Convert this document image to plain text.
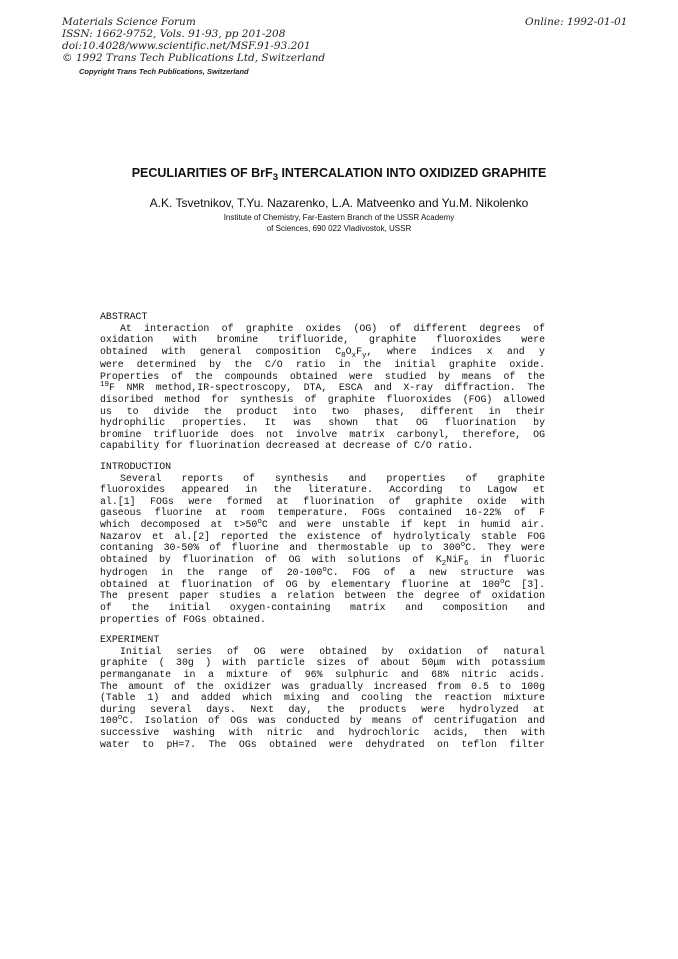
Materials Science Forum
ISSN: 1662-9752, Vols. 91-93, pp 201-208
doi:10.4028/www.scientific.net/MSF.91-93.201
© 1992 Trans Tech Publications Ltd, Switzerland
Online: 1992-01-01
Copyright Trans Tech Publications, Switzerland
PECULIARITIES OF BrF$_3$ INTERCALATION INTO OXIDIZED GRAPHITE
A.K. Tsvetnikov, T.Yu. Nazarenko, L.A. Matveenko and Yu.M. Nikolenko
Institute of Chemistry, Far-Eastern Branch of the USSR Academy
of Sciences, 690 022 Vladivostok, USSR
ABSTRACT
At interaction of graphite oxides (OG) of different degrees of
oxidation with bromine trifluoride, graphite fluoroxides were
obtained with general composition $C_8O_xF_y$, where indices x and y
were determined by the C/O ratio in the initial graphite oxide.
Properties of the compounds obtained were studied by means of the
$^{19}$F NMR method,IR-spectroscopy, DTA, ESCA and X-ray diffraction. The
disoribed method for synthesis of graphite fluoroxides (FOG) allowed
us to divide the product into two phases, different in their
hydrophilic properties. It was shown that OG fluorination by
bromine trifluoride does not involve matrix carbonyl, therefore, OG
capability for fluorination decreased at decrease of C/O ratio.
INTRODUCTION
Several reports of synthesis and properties of graphite
fluoroxides appeared in the literature. According to Lagow et
al.[1] FOGs were formed at fluorination of graphite oxide with
gaseous fluorine at room temperature. FOGs contained 16-22% of F
which decomposed at $t>50^oC$ and were unstable if kept in humid air.
Nazarov et al.[2] reported the existence of hydrolyticaly stable FOG
contaning 30-50% of fluorine and thermostable up to 300$^o$C. They were
obtained by fluorination of OG with solutions of $K_2NiF_6$ in fluoric
hydrogen in the range of 20-100$^o$C. FOG of a new structure was
obtained at fluorination of OG by elementary fluorine at 100$^o$C [3].
The present paper studies a relation between the degree of oxidation
of the initial oxygen-containing matrix and composition and
properties of FOGs obtained.
EXPERIMENT
Initial series of OG were obtained by oxidation of natural
graphite ( 30g ) with particle sizes of about 50μm with potassium
permanganate in a mixture of 96% sulphuric and 68% nitric acids.
The amount of the oxidizer was gradually increased from 0.5 to 100g
(Table 1) and added which mixing and cooling the reaction mixture
during several days. Next day, the products were hydrolyzed at
100$^o$C. Isolation of OGs was conducted by means of centrifugation and
successive washing with nitric and hydrochloric acids, then with
water to pH=7. The OGs obtained were dehydrated on teflon filter
